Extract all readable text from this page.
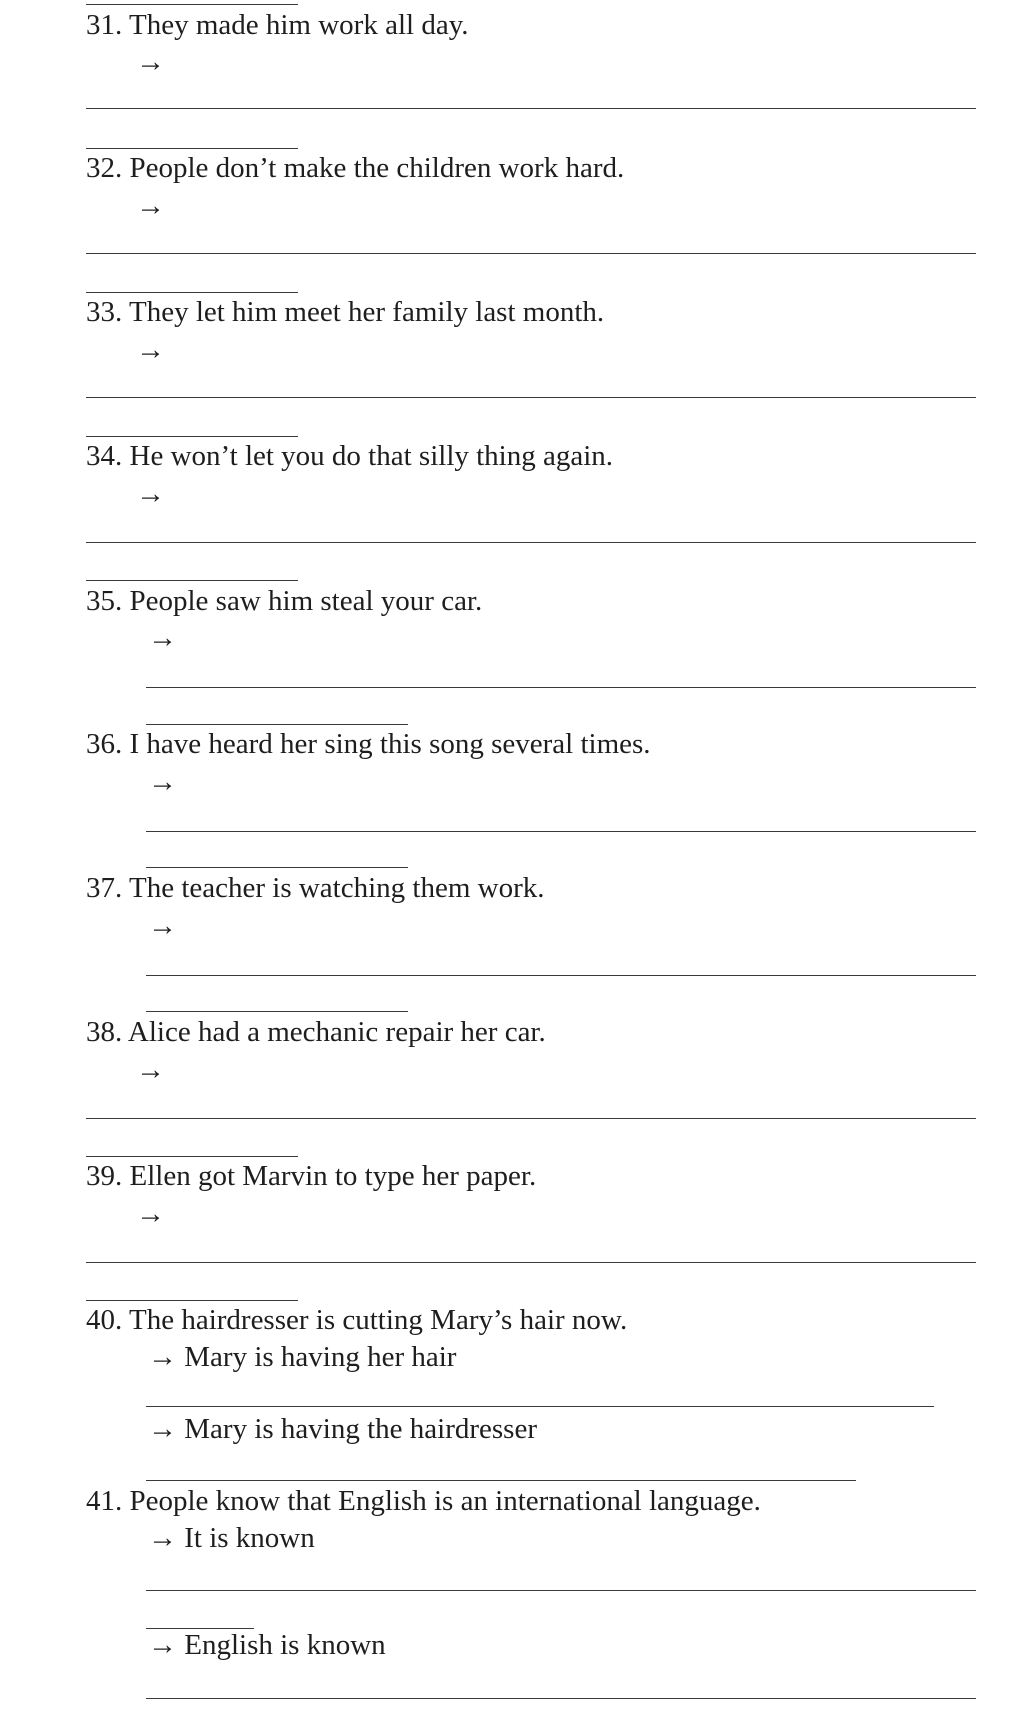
31. They made him work all day.
→
32. People don’t make the children work hard.
→
33. They let him meet her family last month.
→
34. He won’t let you do that silly thing again.
→
35. People saw him steal your car.
→
36. I have heard her sing this song several times.
→
37. The teacher is watching them work.
→
38. Alice had a mechanic repair her car.
→
39. Ellen got Marvin to type her paper.
→
40. The hairdresser is cutting Mary’s hair now.
→ Mary is having her hair
→ Mary is having the hairdresser
41. People know that English is an international language.
→ It is known
→ English is known
